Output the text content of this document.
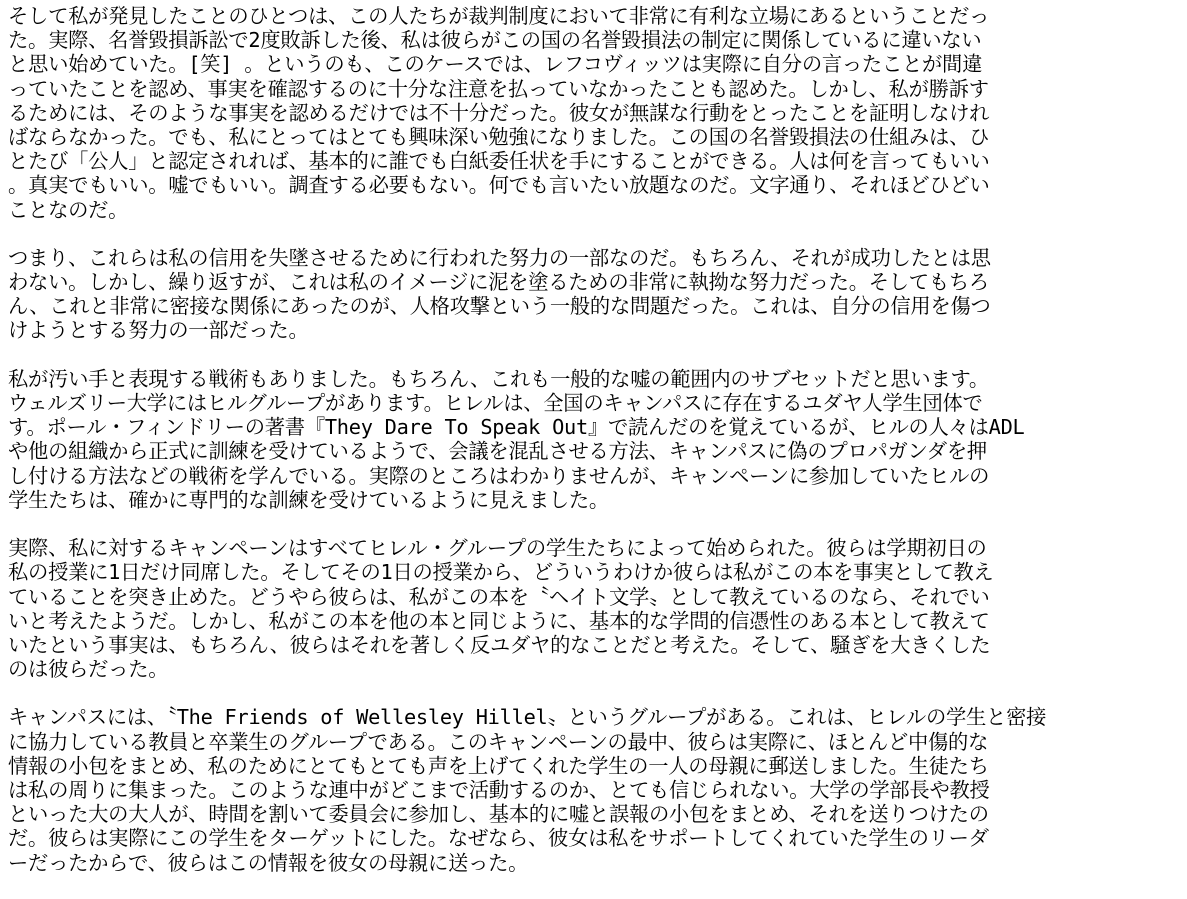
そして私が発見したことのひとつは、この人たちが裁判制度において非常に有利な立場にあるということだっ
た。実際、名誉毀損訴訟で2度敗訴した後、私は彼らがこの国の名誉毀損法の制定に関係しているに違いない
と思い始めていた。[笑] 。というのも、このケースでは、レフコヴィッツは実際に自分の言ったことが間違
っていたことを認め、事実を確認するのに十分な注意を払っていなかったことも認めた。しかし、私が勝訴す
るためには、そのような事実を認めるだけでは不十分だった。彼女が無謀な行動をとったことを証明しなけれ
ばならなかった。でも、私にとってはとても興味深い勉強になりました。この国の名誉毀損法の仕組みは、ひ
とたび「公人」と認定されれば、基本的に誰でも白紙委任状を手にすることができる。人は何を言ってもいい
。真実でもいい。嘘でもいい。調査する必要もない。何でも言いたい放題なのだ。文字通り、それほどひどい
ことなのだ。
つまり、これらは私の信用を失墜させるために行われた努力の一部なのだ。もちろん、それが成功したとは思
わない。しかし、繰り返すが、これは私のイメージに泥を塗るための非常に執拗な努力だった。そしてもちろ
ん、これと非常に密接な関係にあったのが、人格攻撃という一般的な問題だった。これは、自分の信用を傷つ
けようとする努力の一部だった。
私が汚い手と表現する戦術もありました。もちろん、これも一般的な嘘の範囲内のサブセットだと思います。
ウェルズリー大学にはヒルグループがあります。ヒレルは、全国のキャンパスに存在するユダヤ人学生団体で
す。ポール・フィンドリーの著書『They Dare To Speak Out』で読んだのを覚えているが、ヒルの人々はADL
や他の組織から正式に訓練を受けているようで、会議を混乱させる方法、キャンパスに偽のプロパガンダを押
し付ける方法などの戦術を学んでいる。実際のところはわかりませんが、キャンペーンに参加していたヒルの
学生たちは、確かに専門的な訓練を受けているように見えました。
実際、私に対するキャンペーンはすべてヒレル・グループの学生たちによって始められた。彼らは学期初日の
私の授業に1日だけ同席した。そしてその1日の授業から、どういうわけか彼らは私がこの本を事実として教え
ていることを突き止めた。どうやら彼らは、私がこの本を〝ヘイト文学〟として教えているのなら、それでい
いと考えたようだ。しかし、私がこの本を他の本と同じように、基本的な学問的信憑性のある本として教えて
いたという事実は、もちろん、彼らはそれを著しく反ユダヤ的なことだと考えた。そして、騒ぎを大きくした
のは彼らだった。
キャンパスには、〝The Friends of Wellesley Hillel〟というグループがある。これは、ヒレルの学生と密接
に協力している教員と卒業生のグループである。このキャンペーンの最中、彼らは実際に、ほとんど中傷的な
情報の小包をまとめ、私のためにとてもとても声を上げてくれた学生の一人の母親に郵送しました。生徒たち
は私の周りに集まった。このような連中がどこまで活動するのか、とても信じられない。大学の学部長や教授
といった大の大人が、時間を割いて委員会に参加し、基本的に嘘と誤報の小包をまとめ、それを送りつけたの
だ。彼らは実際にこの学生をターゲットにした。なぜなら、彼女は私をサポートしてくれていた学生のリーダ
ーだったからで、彼らはこの情報を彼女の母親に送った。
